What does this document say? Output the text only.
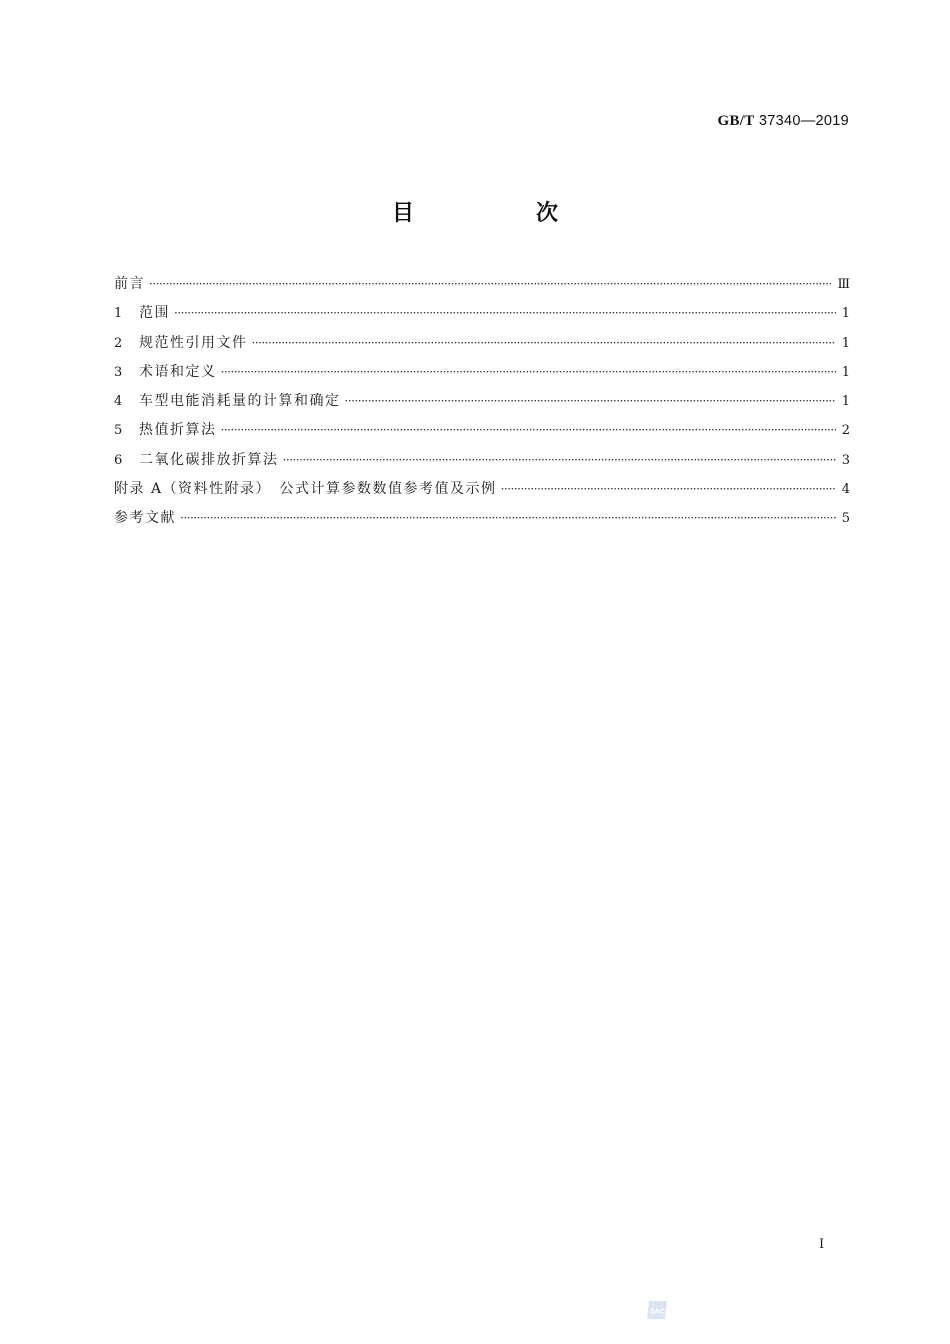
GB/T 37340—2019
目　次
前言 ·····	Ⅲ
1	范围 ·····	1
2	规范性引用文件 ·····	1
3	术语和定义 ·····	1
4	车型电能消耗量的计算和确定 ·····	1
5	热值折算法 ·····	2
6	二氧化碳排放折算法 ·····	3
附录 A（资料性附录）　公式计算参数数值参考值及示例 ·····	4
参考文献 ·····	5
I
SAC
